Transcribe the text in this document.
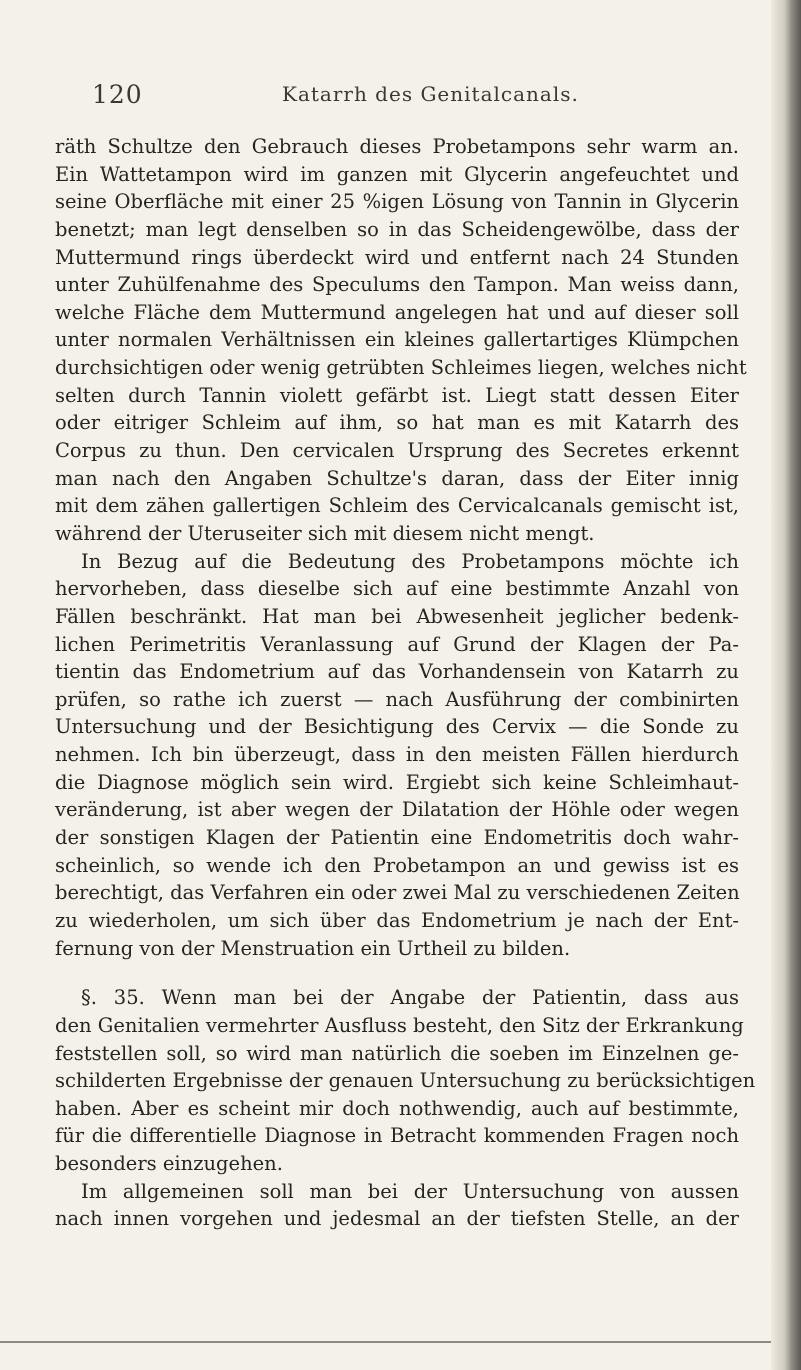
120	Katarrh des Genitalcanals.
räth Schultze den Gebrauch dieses Probetampons sehr warm an.
Ein Wattetampon wird im ganzen mit Glycerin angefeuchtet und
seine Oberfläche mit einer 25 %igen Lösung von Tannin in Glycerin
benetzt; man legt denselben so in das Scheidengewölbe, dass der
Muttermund rings überdeckt wird und entfernt nach 24 Stunden
unter Zuhülfenahme des Speculums den Tampon. Man weiss dann,
welche Fläche dem Muttermund angelegen hat und auf dieser soll
unter normalen Verhältnissen ein kleines gallertartiges Klümpchen
durchsichtigen oder wenig getrübten Schleimes liegen, welches nicht
selten durch Tannin violett gefärbt ist. Liegt statt dessen Eiter
oder eitriger Schleim auf ihm, so hat man es mit Katarrh des
Corpus zu thun. Den cervicalen Ursprung des Secretes erkennt
man nach den Angaben Schultze's daran, dass der Eiter innig
mit dem zähen gallertigen Schleim des Cervicalcanals gemischt ist,
während der Uteruseiter sich mit diesem nicht mengt.
In Bezug auf die Bedeutung des Probetampons möchte ich
hervorheben, dass dieselbe sich auf eine bestimmte Anzahl von
Fällen beschränkt. Hat man bei Abwesenheit jeglicher bedenk-
lichen Perimetritis Veranlassung auf Grund der Klagen der Pa-
tientin das Endometrium auf das Vorhandensein von Katarrh zu
prüfen, so rathe ich zuerst — nach Ausführung der combinirten
Untersuchung und der Besichtigung des Cervix — die Sonde zu
nehmen. Ich bin überzeugt, dass in den meisten Fällen hierdurch
die Diagnose möglich sein wird. Ergiebt sich keine Schleimhaut-
veränderung, ist aber wegen der Dilatation der Höhle oder wegen
der sonstigen Klagen der Patientin eine Endometritis doch wahr-
scheinlich, so wende ich den Probetampon an und gewiss ist es
berechtigt, das Verfahren ein oder zwei Mal zu verschiedenen Zeiten
zu wiederholen, um sich über das Endometrium je nach der Ent-
fernung von der Menstruation ein Urtheil zu bilden.
§. 35. Wenn man bei der Angabe der Patientin, dass aus
den Genitalien vermehrter Ausfluss besteht, den Sitz der Erkrankung
feststellen soll, so wird man natürlich die soeben im Einzelnen ge-
schilderten Ergebnisse der genauen Untersuchung zu berücksichtigen
haben. Aber es scheint mir doch nothwendig, auch auf bestimmte,
für die differentielle Diagnose in Betracht kommenden Fragen noch
besonders einzugehen.
Im allgemeinen soll man bei der Untersuchung von aussen
nach innen vorgehen und jedesmal an der tiefsten Stelle, an der
